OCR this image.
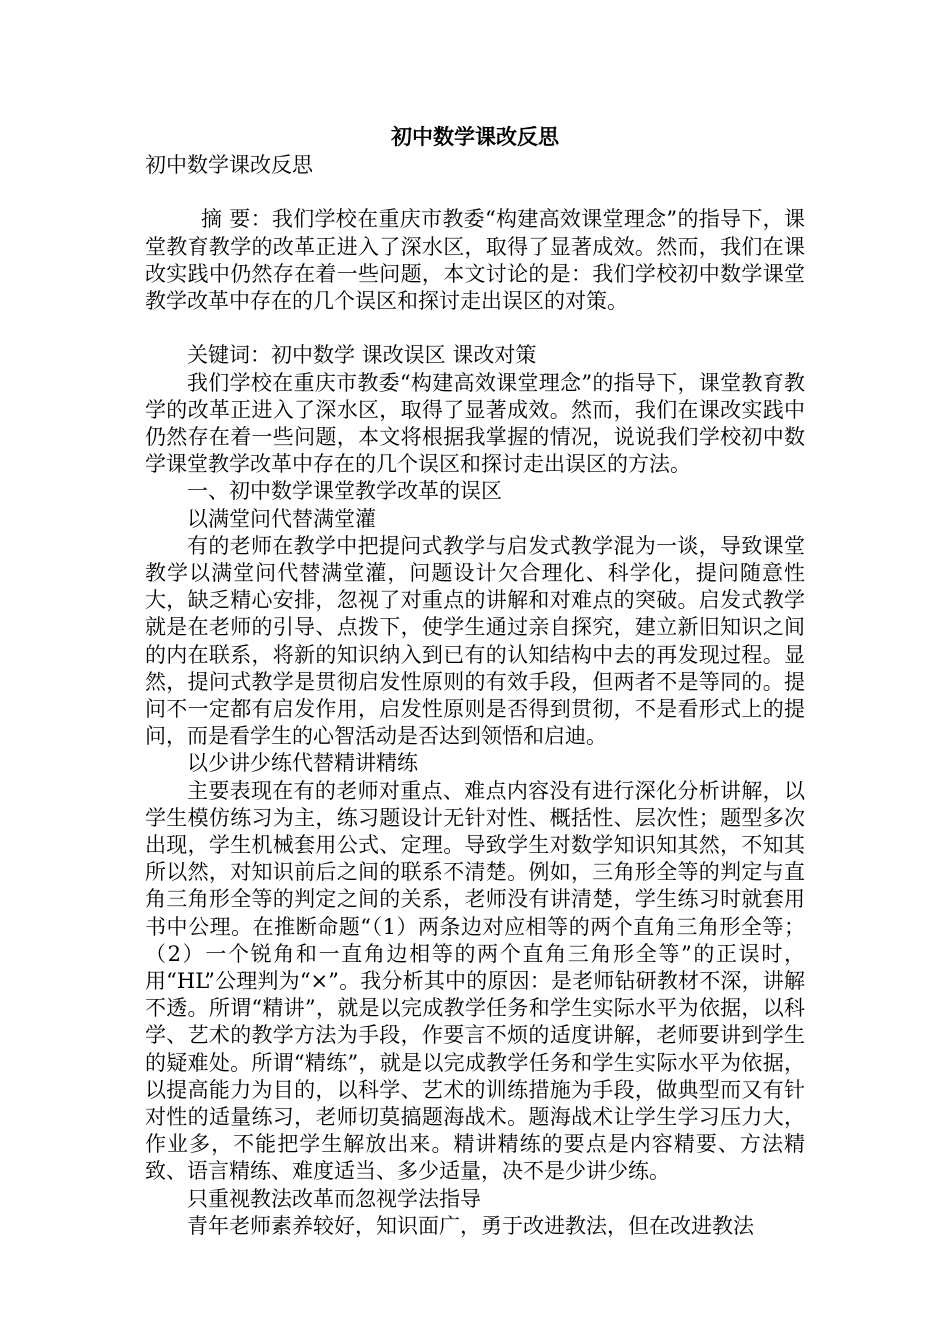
初中数学课改反思

初中数学课改反思

摘 要：我们学校在重庆市教委“构建高效课堂理念”的指导下，课堂教育教学的改革正进入了深水区，取得了显著成效。然而，我们在课改实践中仍然存在着一些问题，本文讨论的是：我们学校初中数学课堂教学改革中存在的几个误区和探讨走出误区的对策。

关键词：初中数学 课改误区 课改对策

我们学校在重庆市教委“构建高效课堂理念”的指导下，课堂教育教学的改革正进入了深水区，取得了显著成效。然而，我们在课改实践中仍然存在着一些问题，本文将根据我掌握的情况，说说我们学校初中数学课堂教学改革中存在的几个误区和探讨走出误区的方法。

一、初中数学课堂教学改革的误区

以满堂问代替满堂灌

有的老师在教学中把提问式教学与启发式教学混为一谈，导致课堂教学以满堂问代替满堂灌，问题设计欠合理化、科学化，提问随意性大，缺乏精心安排，忽视了对重点的讲解和对难点的突破。启发式教学就是在老师的引导、点拨下，使学生通过亲自探究，建立新旧知识之间的内在联系，将新的知识纳入到已有的认知结构中去的再发现过程。显然，提问式教学是贯彻启发性原则的有效手段，但两者不是等同的。提问不一定都有启发作用，启发性原则是否得到贯彻，不是看形式上的提问，而是看学生的心智活动是否达到领悟和启迪。

以少讲少练代替精讲精练

主要表现在有的老师对重点、难点内容没有进行深化分析讲解，以学生模仿练习为主，练习题设计无针对性、概括性、层次性；题型多次出现，学生机械套用公式、定理。导致学生对数学知识知其然，不知其所以然，对知识前后之间的联系不清楚。例如，三角形全等的判定与直角三角形全等的判定之间的关系，老师没有讲清楚，学生练习时就套用书中公理。在推断命题“（1）两条边对应相等的两个直角三角形全等；（2）一个锐角和一直角边相等的两个直角三角形全等”的正误时，用“HL”公理判为“×”。我分析其中的原因：是老师钻研教材不深，讲解不透。所谓“精讲”，就是以完成教学任务和学生实际水平为依据，以科学、艺术的教学方法为手段，作要言不烦的适度讲解，老师要讲到学生的疑难处。所谓“精练”，就是以完成教学任务和学生实际水平为依据，以提高能力为目的，以科学、艺术的训练措施为手段，做典型而又有针对性的适量练习，老师切莫搞题海战术。题海战术让学生学习压力大，作业多，不能把学生解放出来。精讲精练的要点是内容精要、方法精致、语言精练、难度适当、多少适量，决不是少讲少练。

只重视教法改革而忽视学法指导

青年老师素养较好，知识面广，勇于改进教法，但在改进教法
